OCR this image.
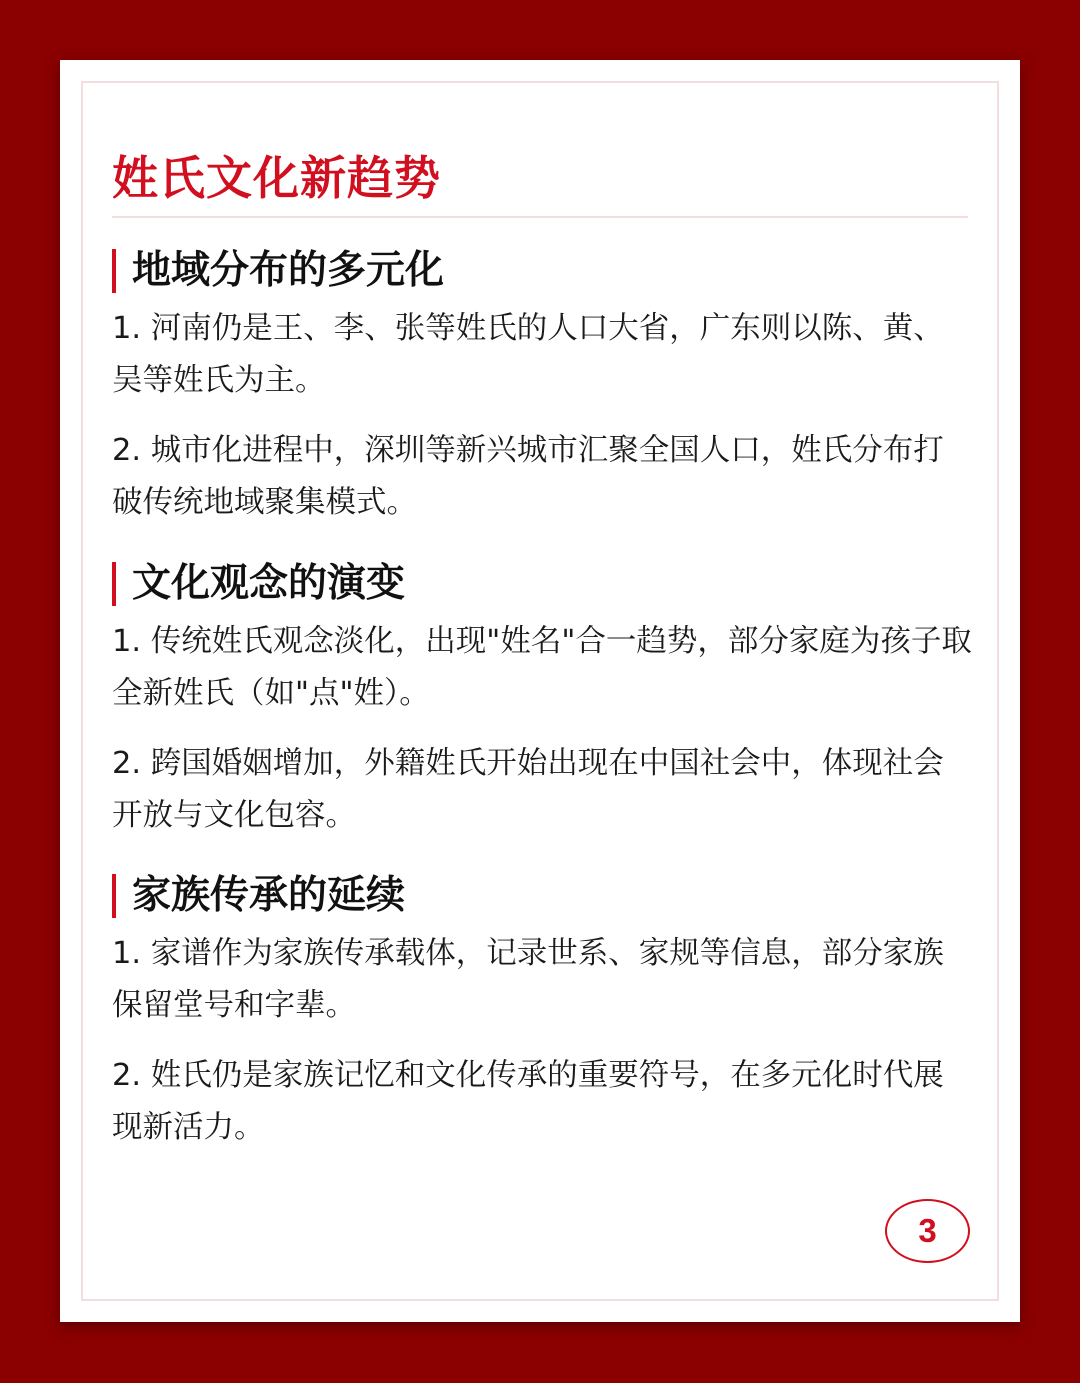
姓氏文化新趋势
地域分布的多元化

1. 河南仍是王、李、张等姓氏的人口大省，广东则以陈、黄、吴等姓氏为主。

2. 城市化进程中，深圳等新兴城市汇聚全国人口，姓氏分布打破传统地域聚集模式。

文化观念的演变

1. 传统姓氏观念淡化，出现"姓名"合一趋势，部分家庭为孩子取全新姓氏（如"点"姓）。

2. 跨国婚姻增加，外籍姓氏开始出现在中国社会中，体现社会开放与文化包容。

家族传承的延续

1. 家谱作为家族传承载体，记录世系、家规等信息，部分家族保留堂号和字辈。

2. 姓氏仍是家族记忆和文化传承的重要符号，在多元化时代展现新活力。

3
